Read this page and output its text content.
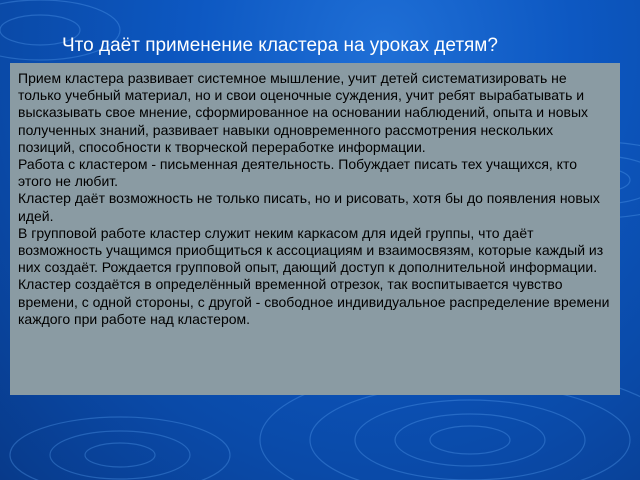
Что даёт применение кластера на уроках детям?

Прием кластера развивает системное мышление, учит детей систематизировать не только учебный материал, но и свои оценочные суждения, учит ребят вырабатывать и высказывать свое мнение, сформированное на основании наблюдений, опыта и новых полученных знаний, развивает навыки одновременного рассмотрения нескольких позиций, способности к творческой переработке информации.

Работа с кластером - письменная деятельность. Побуждает писать тех учащихся, кто этого не любит.

Кластер даёт возможность не только писать, но и рисовать, хотя бы до появления новых идей.

В групповой работе кластер служит неким каркасом для идей группы, что даёт возможность учащимся приобщиться к ассоциациям и взаимосвязям, которые каждый из них создаёт. Рождается групповой опыт, дающий доступ к дополнительной информации.

Кластер создаётся в определённый временной отрезок, так воспитывается чувство времени, с одной стороны, с другой - свободное индивидуальное распределение времени каждого при работе над кластером.
